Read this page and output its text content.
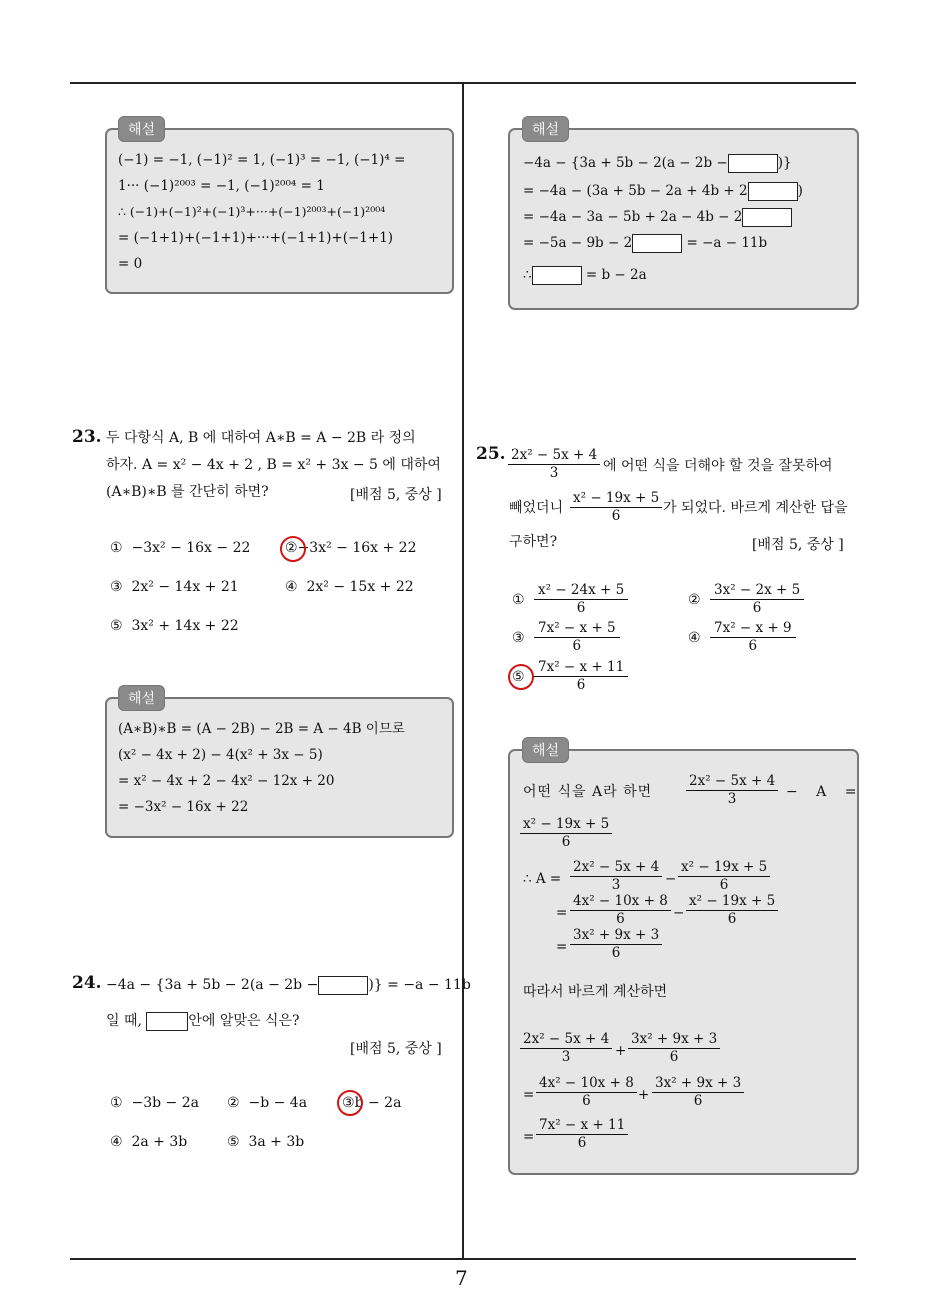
7
해설
(−1) = −1, (−1)² = 1, (−1)³ = −1, (−1)⁴ =
1··· (−1)²⁰⁰³ = −1, (−1)²⁰⁰⁴ = 1
∴ (−1)+(−1)²+(−1)³+···+(−1)²⁰⁰³+(−1)²⁰⁰⁴
= (−1+1)+(−1+1)+···+(−1+1)+(−1+1)
= 0
23. 두 다항식 A, B 에 대하여 A∗B = A − 2B 라 정의
하자. A = x² − 4x + 2 , B = x² + 3x − 5 에 대하여
(A∗B)∗B 를 간단히 하면?	[배점 5, 중상 ]
① −3x² − 16x − 22 ②−3x² − 16x + 22
③ 2x² − 14x + 21	④ 2x² − 15x + 22
⑤ 3x² + 14x + 22
해설
(A∗B)∗B = (A − 2B) − 2B = A − 4B 이므로
(x² − 4x + 2) − 4(x² + 3x − 5)
= x² − 4x + 2 − 4x² − 12x + 20
= −3x² − 16x + 22
24. −4a − {3a + 5b − 2(a − 2b −	)} = −a − 11b
일 때,	안에 알맞은 식은?
[배점 5, 중상 ]
① −3b − 2a ② −b − 4a ③b − 2a
④ 2a + 3b	⑤ 3a + 3b
해설
−4a − {3a + 5b − 2(a − 2b −	)}
= −4a − (3a + 5b − 2a + 4b + 2	)
= −4a − 3a − 5b + 2a − 4b − 2
= −5a − 9b − 2	= −a − 11b
∴	= b − 2a
25. $\frac{\text{2x² − 5x + 4}}{3}$ 에 어떤 식을 더해야 할 것을 잘못하여
빼었더니 $\frac{\text{x² − 19x + 5}}{6}$ 가 되었다. 바르게 계산한 답을
구하면?	[배점 5, 중상 ]
① $\frac{\text{x² − 24x + 5}}{6}$	② $\frac{\text{3x² − 2x + 5}}{6}$
③ $\frac{\text{7x² − x + 5}}{6}$	④ $\frac{\text{7x² − x + 9}}{6}$
⑤ $\frac{\text{7x² − x + 11}}{6}$
해설
어떤 식을 A라 하면	$\frac{\text{2x² − 5x + 4}}{3} - A$ =
$\frac{\text{x² − 19x + 5}}{6}$
∴ $A = \frac{\text{2x² − 5x + 4}}{3} - \frac{\text{x² − 19x + 5}}{6}$
= $\frac{\text{4x² − 10x + 8}}{6} - \frac{\text{x² − 19x + 5}}{6}$
= $\frac{\text{3x² + 9x + 3}}{6}$
따라서 바르게 계산하면
$\frac{\text{2x² − 5x + 4}}{3} + \frac{\text{3x² + 9x + 3}}{6}$
= $\frac{\text{4x² − 10x + 8}}{6} + \frac{\text{3x² + 9x + 3}}{6}$
= $\frac{\text{7x² − x + 11}}{6}$
